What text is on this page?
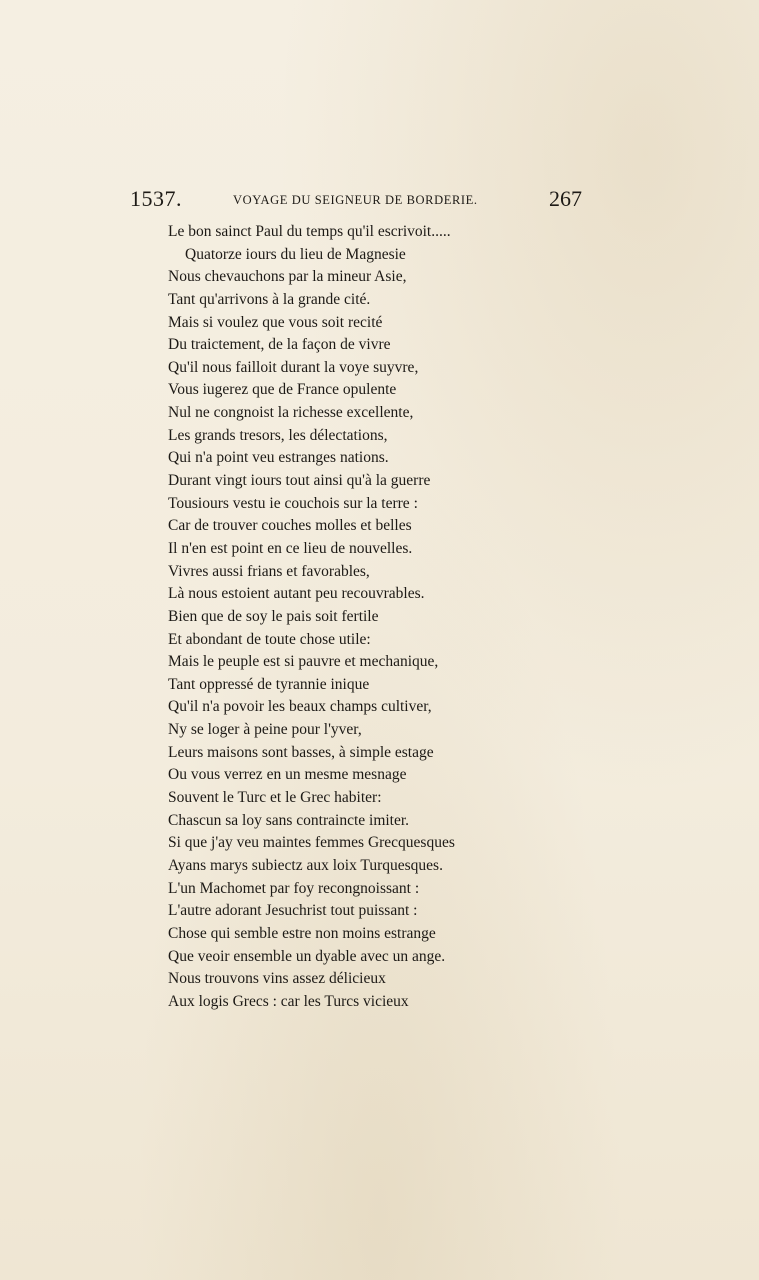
1537.	VOYAGE DU SEIGNEUR DE BORDERIE.	267
Le bon sainct Paul du temps qu'il escrivoit.....
Quatorze iours du lieu de Magnesie
Nous chevauchons par la mineur Asie,
Tant qu'arrivons à la grande cité.
Mais si voulez que vous soit recité
Du traictement, de la façon de vivre
Qu'il nous failloit durant la voye suyvre,
Vous iugerez que de France opulente
Nul ne congnoist la richesse excellente,
Les grands tresors, les délectations,
Qui n'a point veu estranges nations.
Durant vingt iours tout ainsi qu'à la guerre
Tousiours vestu ie couchois sur la terre :
Car de trouver couches molles et belles
Il n'en est point en ce lieu de nouvelles.
Vivres aussi frians et favorables,
Là nous estoient autant peu recouvrables.
Bien que de soy le pais soit fertile
Et abondant de toute chose utile:
Mais le peuple est si pauvre et mechanique,
Tant oppressé de tyrannie inique
Qu'il n'a povoir les beaux champs cultiver,
Ny se loger à peine pour l'yver,
Leurs maisons sont basses, à simple estage
Ou vous verrez en un mesme mesnage
Souvent le Turc et le Grec habiter:
Chascun sa loy sans contraincte imiter.
Si que j'ay veu maintes femmes Grecquesques
Ayans marys subiectz aux loix Turquesques.
L'un Machomet par foy recongnoissant :
L'autre adorant Jesuchrist tout puissant :
Chose qui semble estre non moins estrange
Que veoir ensemble un dyable avec un ange.
Nous trouvons vins assez délicieux
Aux logis Grecs : car les Turcs vicieux
